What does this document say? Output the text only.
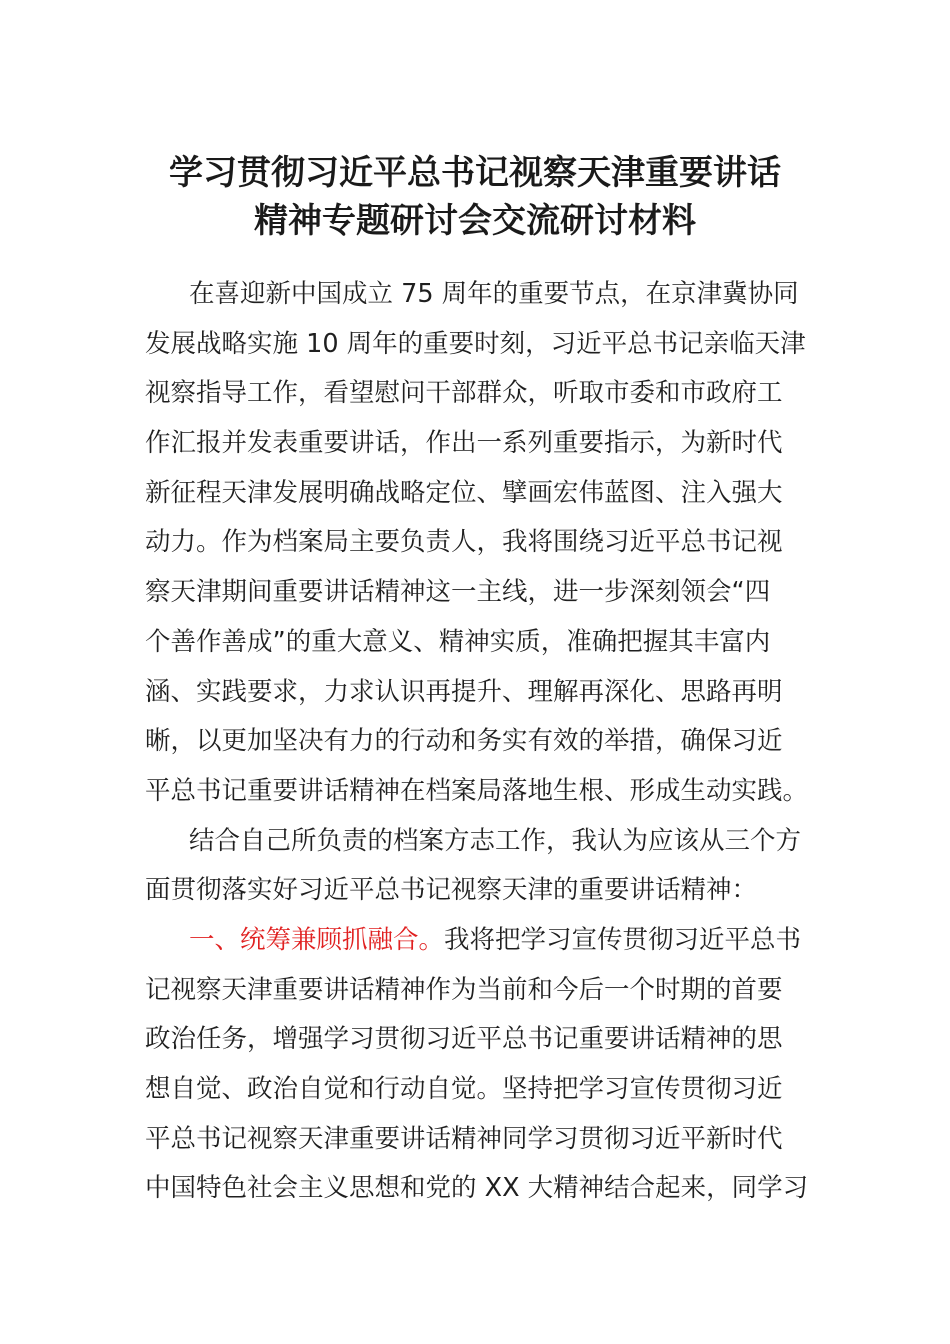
学习贯彻习近平总书记视察天津重要讲话
精神专题研讨会交流研讨材料
在喜迎新中国成立 75 周年的重要节点，在京津冀协同
发展战略实施 10 周年的重要时刻，习近平总书记亲临天津
视察指导工作，看望慰问干部群众，听取市委和市政府工
作汇报并发表重要讲话，作出一系列重要指示，为新时代
新征程天津发展明确战略定位、擘画宏伟蓝图、注入强大
动力。作为档案局主要负责人，我将围绕习近平总书记视
察天津期间重要讲话精神这一主线，进一步深刻领会“四
个善作善成”的重大意义、精神实质，准确把握其丰富内
涵、实践要求，力求认识再提升、理解再深化、思路再明
晰，以更加坚决有力的行动和务实有效的举措，确保习近
平总书记重要讲话精神在档案局落地生根、形成生动实践。
结合自己所负责的档案方志工作，我认为应该从三个方
面贯彻落实好习近平总书记视察天津的重要讲话精神：
一、统筹兼顾抓融合。我将把学习宣传贯彻习近平总书
记视察天津重要讲话精神作为当前和今后一个时期的首要
政治任务，增强学习贯彻习近平总书记重要讲话精神的思
想自觉、政治自觉和行动自觉。坚持把学习宣传贯彻习近
平总书记视察天津重要讲话精神同学习贯彻习近平新时代
中国特色社会主义思想和党的 XX 大精神结合起来，同学习
